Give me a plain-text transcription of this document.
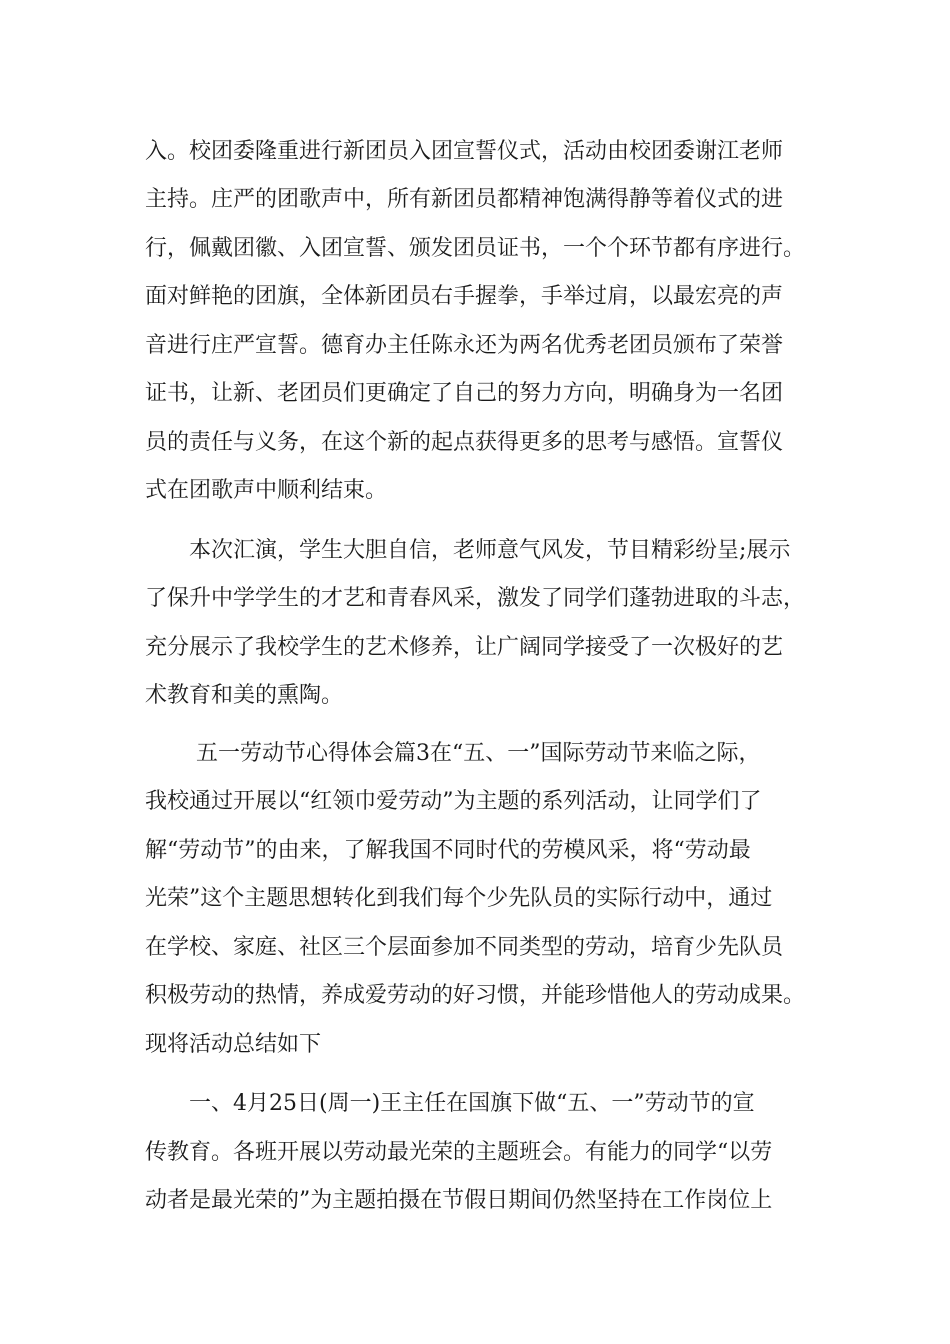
入。校团委隆重进行新团员入团宣誓仪式，活动由校团委谢江老师
主持。庄严的团歌声中，所有新团员都精神饱满得静等着仪式的进
行，佩戴团徽、入团宣誓、颁发团员证书，一个个环节都有序进行。
面对鲜艳的团旗，全体新团员右手握拳，手举过肩，以最宏亮的声
音进行庄严宣誓。德育办主任陈永还为两名优秀老团员颁布了荣誉
证书，让新、老团员们更确定了自己的努力方向，明确身为一名团
员的责任与义务，在这个新的起点获得更多的思考与感悟。宣誓仪
式在团歌声中顺利结束。
本次汇演，学生大胆自信，老师意气风发，节目精彩纷呈;展示
了保升中学学生的才艺和青春风采，激发了同学们蓬勃进取的斗志，
充分展示了我校学生的艺术修养，让广阔同学接受了一次极好的艺
术教育和美的熏陶。
五一劳动节心得体会篇3在“五、一”国际劳动节来临之际，
我校通过开展以“红领巾爱劳动”为主题的系列活动，让同学们了
解“劳动节”的由来，了解我国不同时代的劳模风采，将“劳动最
光荣”这个主题思想转化到我们每个少先队员的实际行动中，通过
在学校、家庭、社区三个层面参加不同类型的劳动，培育少先队员
积极劳动的热情，养成爱劳动的好习惯，并能珍惜他人的劳动成果。
现将活动总结如下
一、4月25日(周一)王主任在国旗下做“五、一”劳动节的宣
传教育。各班开展以劳动最光荣的主题班会。有能力的同学“以劳
动者是最光荣的”为主题拍摄在节假日期间仍然坚持在工作岗位上
